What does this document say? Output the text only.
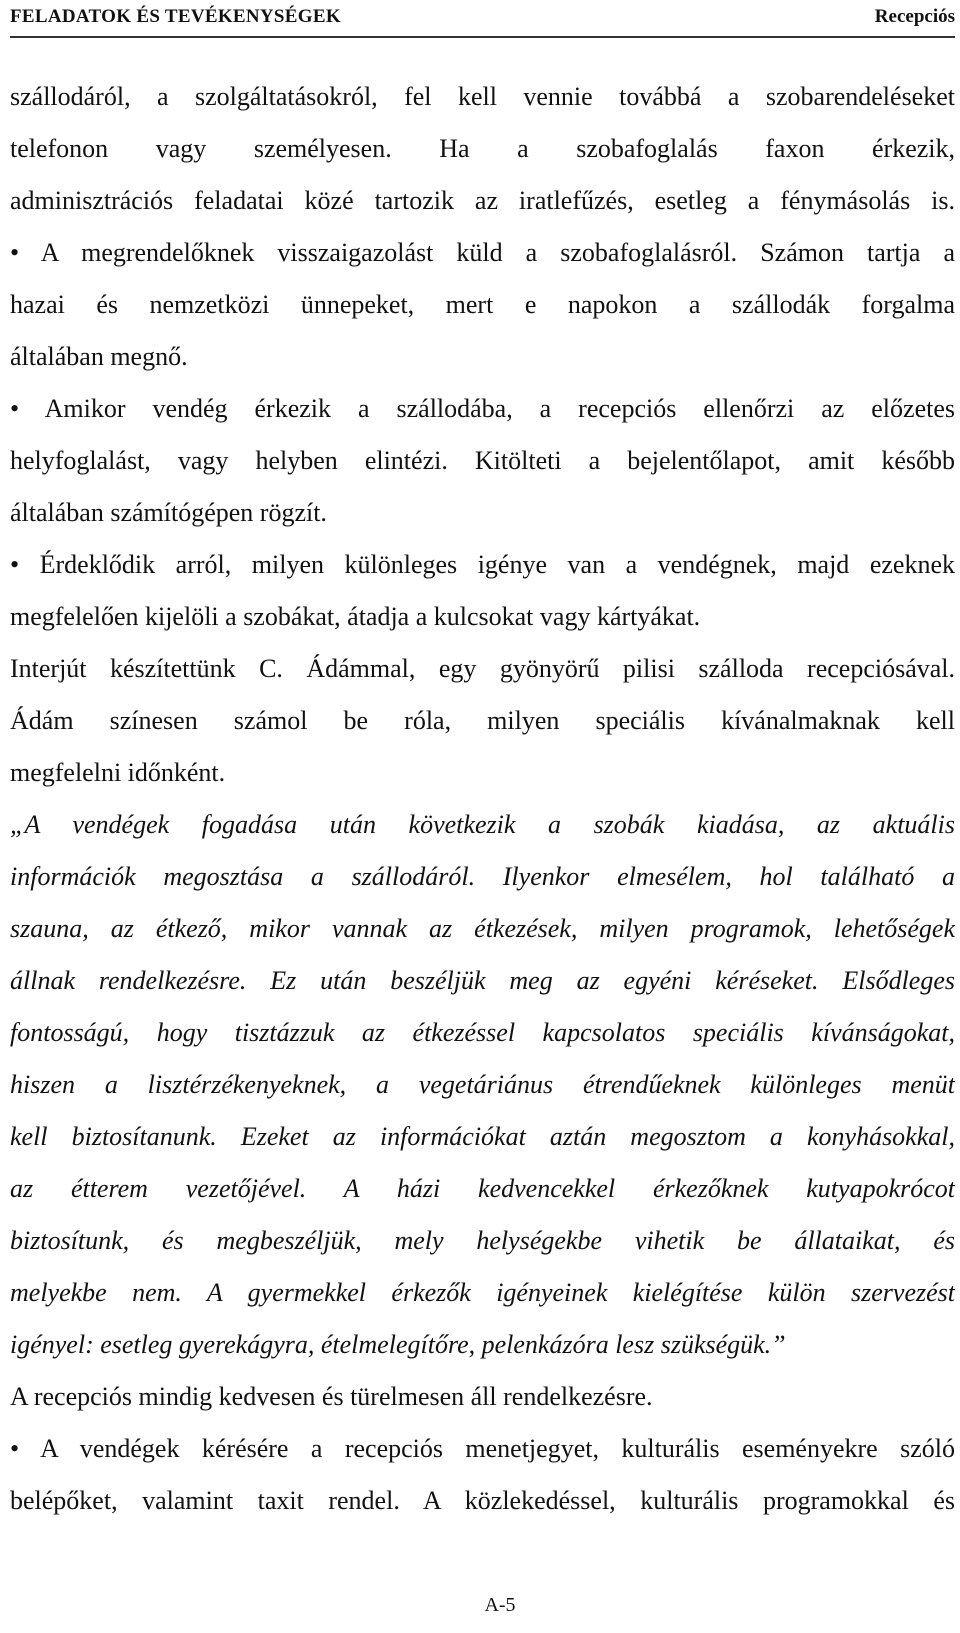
FELADATOK ÉS TEVÉKENYSÉGEK	Recepciós
szállodáról, a szolgáltatásokról, fel kell vennie továbbá a szobarendeléseket
telefonon vagy személyesen. Ha a szobafoglalás faxon érkezik,
adminisztrációs feladatai közé tartozik az iratlefűzés, esetleg a fénymásolás is.
• A megrendelőknek visszaigazolást küld a szobafoglalásról. Számon tartja a
hazai és nemzetközi ünnepeket, mert e napokon a szállodák forgalma
általában megnő.
• Amikor vendég érkezik a szállodába, a recepciós ellenőrzi az előzetes
helyfoglalást, vagy helyben elintézi. Kitölteti a bejelentőlapot, amit később
általában számítógépen rögzít.
• Érdeklődik arról, milyen különleges igénye van a vendégnek, majd ezeknek
megfelelően kijelöli a szobákat, átadja a kulcsokat vagy kártyákat.
Interjút készítettünk C. Ádámmal, egy gyönyörű pilisi szálloda recepciósával.
Ádám színesen számol be róla, milyen speciális kívánalmaknak kell
megfelelni időnként.
„A vendégek fogadása után következik a szobák kiadása, az aktuális
információk megosztása a szállodáról. Ilyenkor elmesélem, hol található a
szauna, az étkező, mikor vannak az étkezések, milyen programok, lehetőségek
állnak rendelkezésre. Ez után beszéljük meg az egyéni kéréseket. Elsődleges
fontosságú, hogy tisztázzuk az étkezéssel kapcsolatos speciális kívánságokat,
hiszen a lisztérzékenyeknek, a vegetáriánus étrendűeknek különleges menüt
kell biztosítanunk. Ezeket az információkat aztán megosztom a konyhásokkal,
az étterem vezetőjével. A házi kedvencekkel érkezőknek kutyapokrócot
biztosítunk, és megbeszéljük, mely helységekbe vihetik be állataikat, és
melyekbe nem. A gyermekkel érkezők igényeinek kielégítése külön szervezést
igényel: esetleg gyerekágyra, ételmelegítőre, pelenkázóra lesz szükségük.”
A recepciós mindig kedvesen és türelmesen áll rendelkezésre.
• A vendégek kérésére a recepciós menetjegyet, kulturális eseményekre szóló
belépőket, valamint taxit rendel. A közlekedéssel, kulturális programokkal és
A-5
